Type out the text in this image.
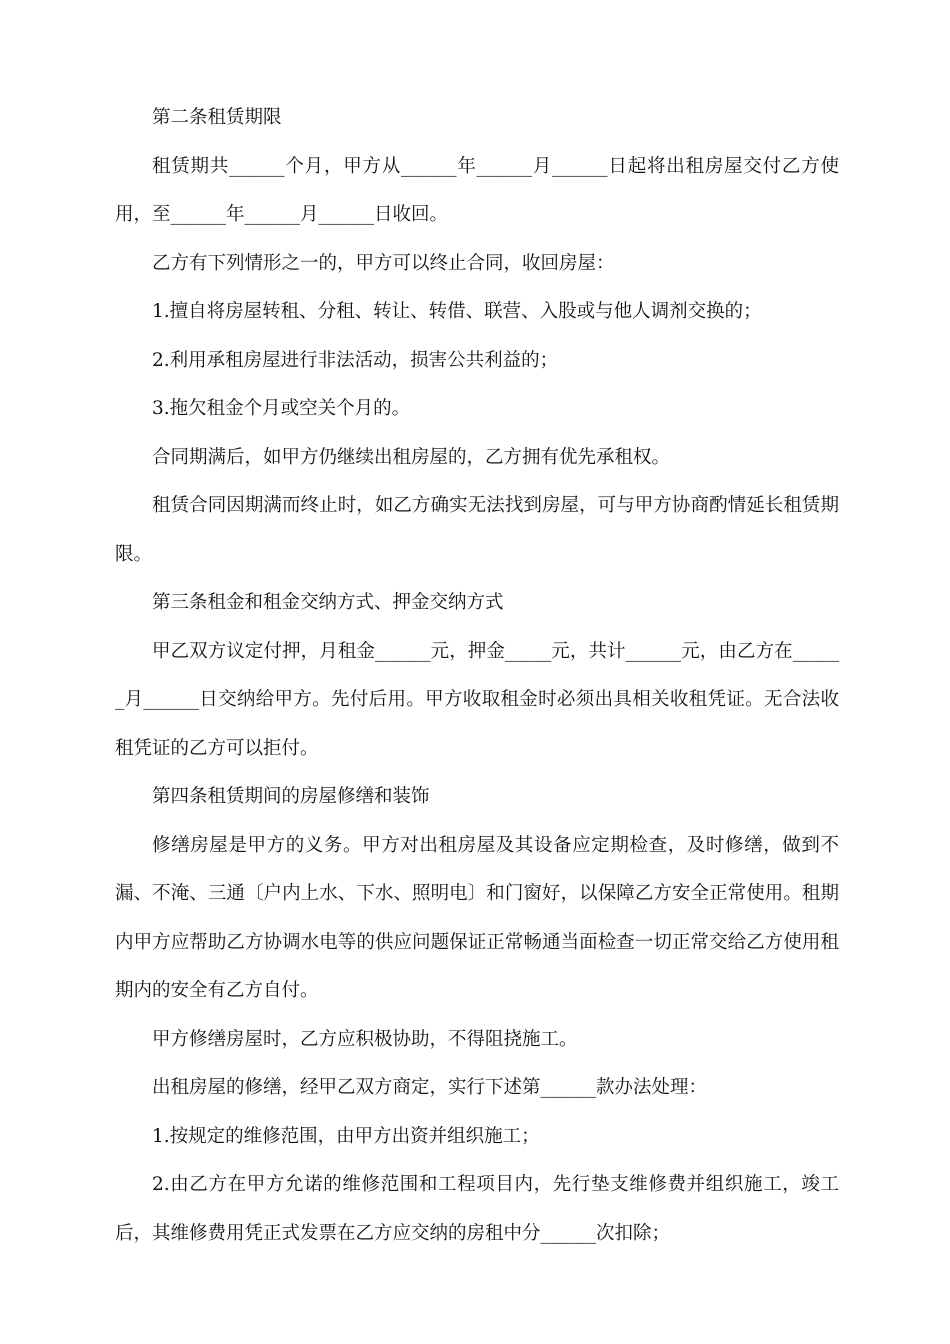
第二条租赁期限

租赁期共______个月，甲方从______年______月______日起将出租房屋交付乙方使用，至______年______月______日收回。

乙方有下列情形之一的，甲方可以终止合同，收回房屋：

1.擅自将房屋转租、分租、转让、转借、联营、入股或与他人调剂交换的；

2.利用承租房屋进行非法活动，损害公共利益的；

3.拖欠租金个月或空关个月的。

合同期满后，如甲方仍继续出租房屋的，乙方拥有优先承租权。

租赁合同因期满而终止时，如乙方确实无法找到房屋，可与甲方协商酌情延长租赁期限。

第三条租金和租金交纳方式、押金交纳方式

甲乙双方议定付押，月租金______元，押金_____元，共计______元，由乙方在______月______日交纳给甲方。先付后用。甲方收取租金时必须出具相关收租凭证。无合法收租凭证的乙方可以拒付。

第四条租赁期间的房屋修缮和装饰

修缮房屋是甲方的义务。甲方对出租房屋及其设备应定期检查，及时修缮，做到不漏、不淹、三通〔户内上水、下水、照明电〕和门窗好，以保障乙方安全正常使用。租期内甲方应帮助乙方协调水电等的供应问题保证正常畅通当面检查一切正常交给乙方使用租期内的安全有乙方自付。

甲方修缮房屋时，乙方应积极协助，不得阻挠施工。

出租房屋的修缮，经甲乙双方商定，实行下述第______款办法处理：

1.按规定的维修范围，由甲方出资并组织施工；

2.由乙方在甲方允诺的维修范围和工程项目内，先行垫支维修费并组织施工，竣工后，其维修费用凭正式发票在乙方应交纳的房租中分______次扣除；
